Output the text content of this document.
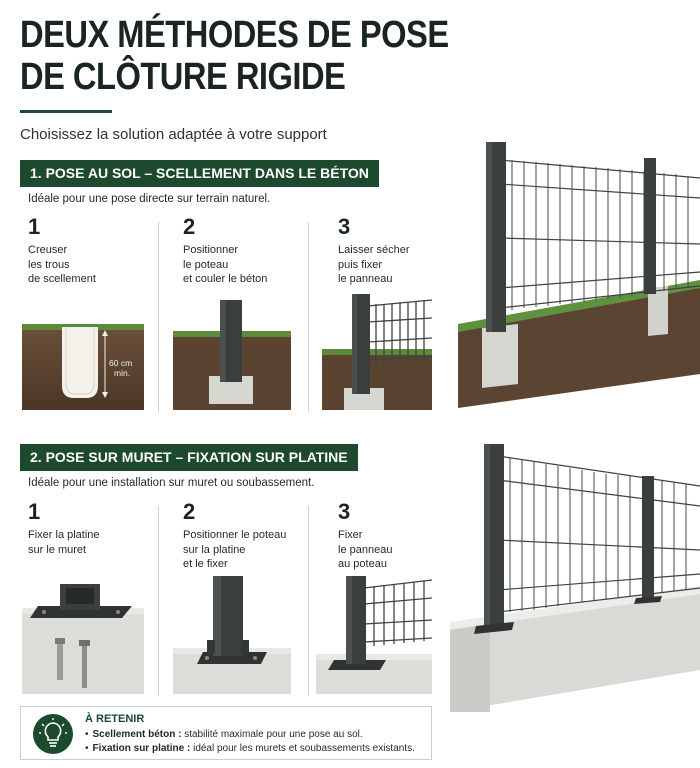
DEUX MÉTHODES DE POSE
DE CLÔTURE RIGIDE
Choisissez la solution adaptée à votre support
1. POSE AU SOL – SCELLEMENT DANS LE BÉTON
Idéale pour une pose directe sur terrain naturel.
1
Creuser
les trous
de scellement
2
Positionner
le poteau
et couler le béton
3
Laisser sécher
puis fixer
le panneau
60 cm
min.
2. POSE SUR MURET – FIXATION SUR PLATINE
Idéale pour une installation sur muret ou soubassement.
1
Fixer la platine
sur le muret
2
Positionner le poteau
sur la platine
et le fixer
3
Fixer
le panneau
au poteau
À RETENIR
• Scellement béton : stabilité maximale pour une pose au sol.
• Fixation sur platine : idéal pour les murets et soubassements existants.
